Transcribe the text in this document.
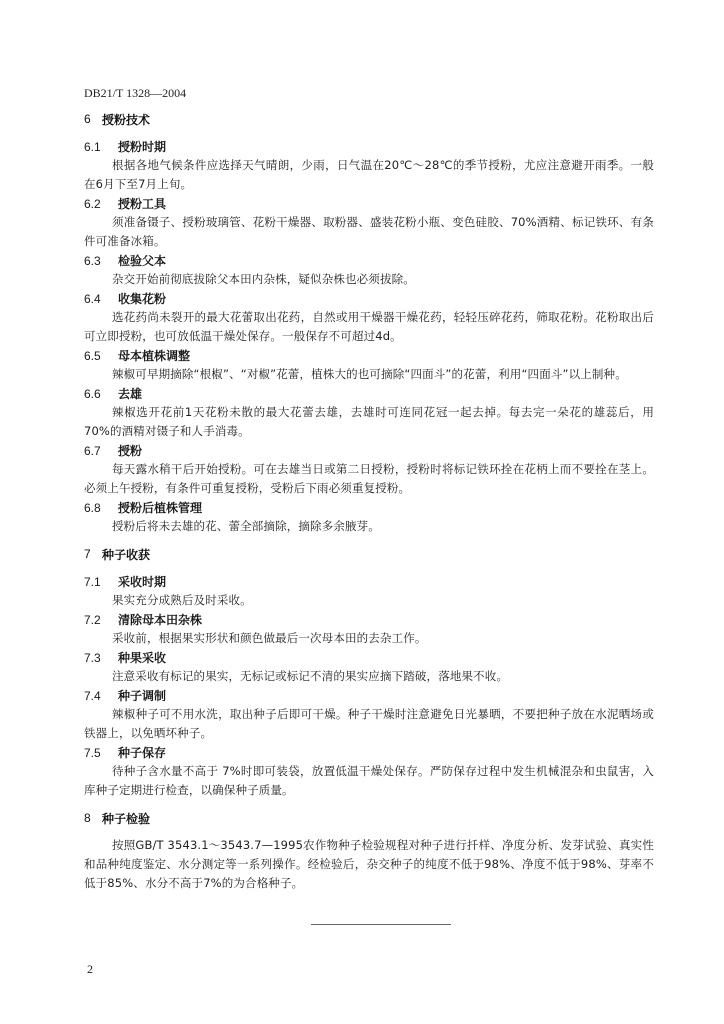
DB21/T 1328—2004
6 授粉技术
6.1	授粉时期

根据各地气候条件应选择天气晴朗，少雨，日气温在20℃～28℃的季节授粉，尤应注意避开雨季。一般在6月下至7月上旬。

6.2	授粉工具

须准备镊子、授粉玻璃管、花粉干燥器、取粉器、盛装花粉小瓶、变色硅胶、70%酒精、标记铁环、有条件可准备冰箱。

6.3	检验父本

杂交开始前彻底拔除父本田内杂株，疑似杂株也必须拔除。

6.4	收集花粉

选花药尚未裂开的最大花蕾取出花药，自然或用干燥器干燥花药，轻轻压碎花药，筛取花粉。花粉取出后可立即授粉，也可放低温干燥处保存。一般保存不可超过4d。

6.5	母本植株调整

辣椒可早期摘除“根椒”、“对椒”花蕾，植株大的也可摘除“四面斗”的花蕾，利用“四面斗”以上制种。

6.6	去雄

辣椒选开花前1天花粉未散的最大花蕾去雄，去雄时可连同花冠一起去掉。每去完一朵花的雄蕊后，用70%的酒精对镊子和人手消毒。

6.7	授粉

每天露水稍干后开始授粉。可在去雄当日或第二日授粉，授粉时将标记铁环拴在花柄上而不要拴在茎上。必须上午授粉，有条件可重复授粉，受粉后下雨必须重复授粉。

6.8	授粉后植株管理

授粉后将未去雄的花、蕾全部摘除，摘除多余腋芽。

7 种子收获
7.1	采收时期

果实充分成熟后及时采收。

7.2	清除母本田杂株

采收前，根据果实形状和颜色做最后一次母本田的去杂工作。

7.3	种果采收

注意采收有标记的果实，无标记或标记不清的果实应摘下踏破，落地果不收。

7.4	种子调制

辣椒种子可不用水洗，取出种子后即可干燥。种子干燥时注意避免日光暴晒，不要把种子放在水泥晒场或铁器上，以免晒坏种子。

7.5	种子保存

待种子含水量不高于 7%时即可装袋，放置低温干燥处保存。严防保存过程中发生机械混杂和虫鼠害，入库种子定期进行检查，以确保种子质量。

8 种子检验

按照GB/T 3543.1～3543.7—1995农作物种子检验规程对种子进行扦样、净度分析、发芽试验、真实性和品种纯度鉴定、水分测定等一系列操作。经检验后，杂交种子的纯度不低于98%、净度不低于98%、芽率不低于85%、水分不高于7%的为合格种子。

2
